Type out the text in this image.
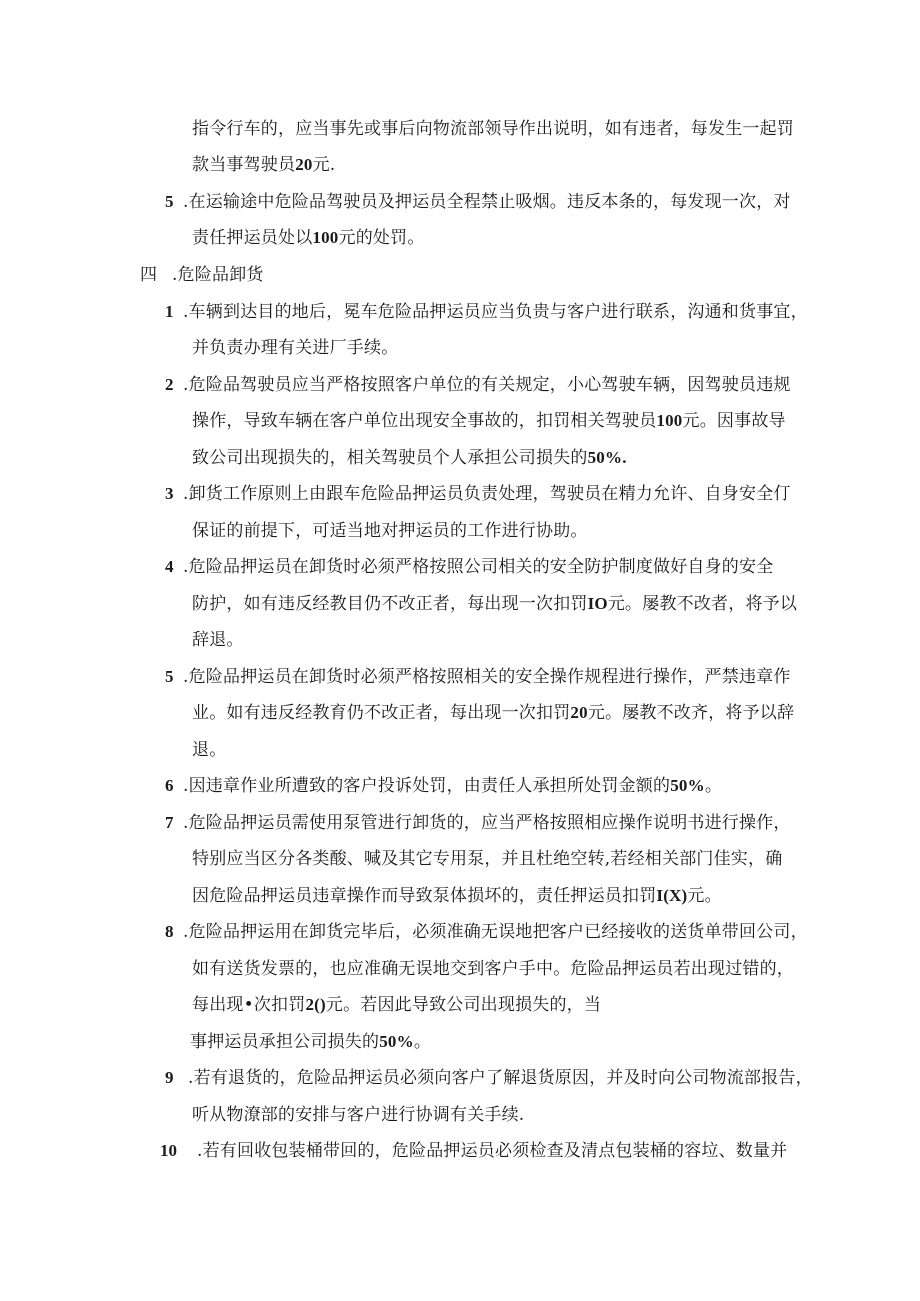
指令行车的，应当事先或事后向物流部领导作出说明，如有违者，每发生一起罚
款当事驾驶员20元.
5 .在运输途中危险品驾驶员及押运员全程禁止吸烟。违反本条的，每发现一次，对
责任押运员处以100元的处罚。
四 .危险品卸货
1 .车辆到达目的地后，冕车危险品押运员应当负贵与客户进行联系，沟通和货事宜，
并负责办理有关进厂手续。
2 .危险品驾驶员应当严格按照客户单位的有关规定，小心驾驶车辆，因驾驶员违规
操作，导致车辆在客户单位出现安全事故的，扣罚相关驾驶员100元。因事故导
致公司出现损失的，相关驾驶员个人承担公司损失的50%.
3 .卸货工作原则上由跟车危险品押运员负责处理，驾驶员在精力允许、自身安全仃
保证的前提下，可适当地对押运员的工作进行协助。
4 .危险品押运员在卸货时必须严格按照公司相关的安全防护制度做好自身的安全
防护，如有违反经教目仍不改正者，每出现一次扣罚IO元。屡教不改者，将予以
辞退。
5 .危险品押运员在卸货时必须严格按照相关的安全操作规程进行操作，严禁违章作
业。如有违反经教育仍不改正者，每出现一次扣罚20元。屡教不改齐，将予以辞
退。
6 .因违章作业所遭致的客户投诉处罚，由责任人承担所处罚金额的50%。
7 .危险品押运员需使用泵管进行卸货的，应当严格按照相应操作说明书进行操作，
特别应当区分各类酸、喊及其它专用泵，并且杜绝空转,若经相关部门佳实，确
因危险品押运员违章操作而导致泵体损坏的，责任押运员扣罚I(X)元。
8 .危险品押运用在卸货完毕后，必须准确无误地把客户已经接收的送货单带回公司，
如有送货发票的，也应准确无误地交到客户手中。危险品押运员若出现过错的，
每出现•次扣罚2()元。若因此导致公司出现损失的，当
事押运员承担公司损失的50%。
9 .若有退货的，危险品押运员必须向客户了解退货原因，并及时向公司物流部报告，
听从物潦部的安排与客户进行协调有关手续.
10 .若有回收包装桶带回的，危险品押运员必须检查及清点包装桶的容垃、数量并
